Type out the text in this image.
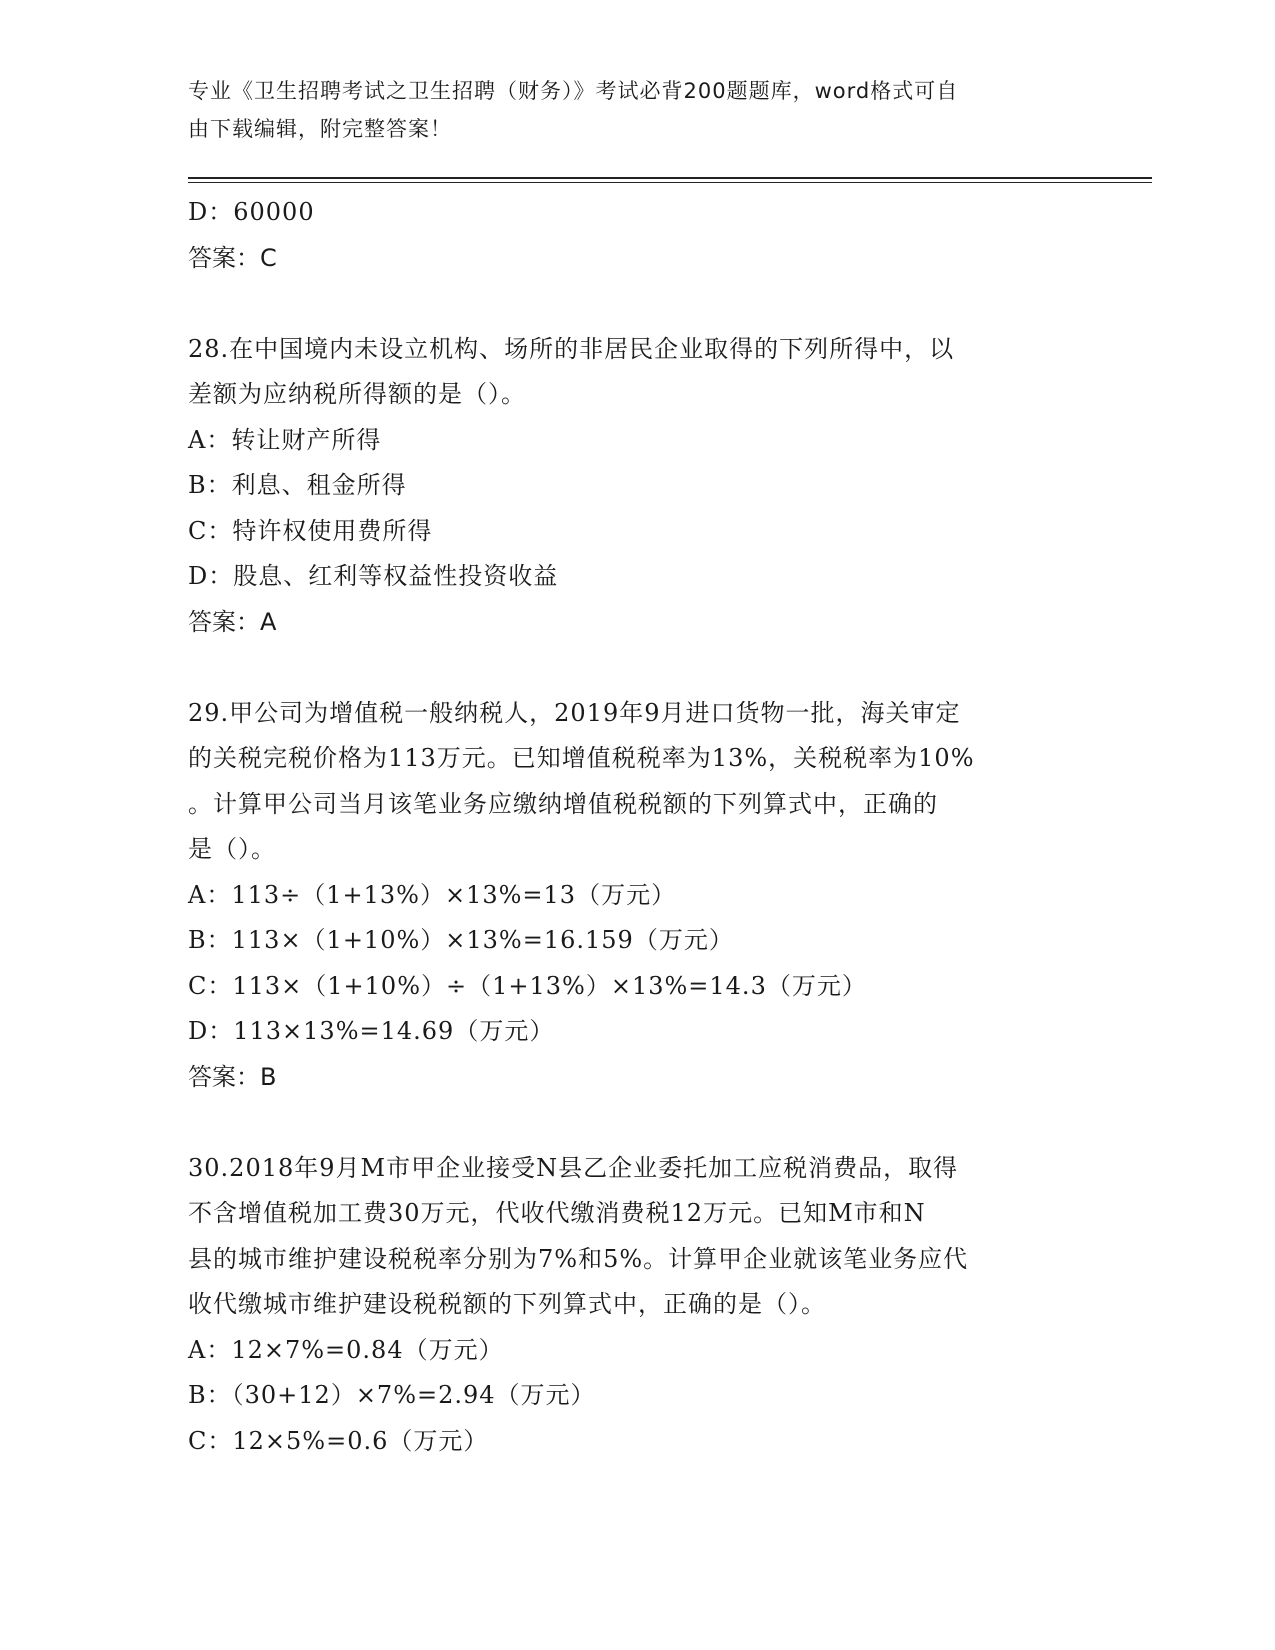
专业《卫生招聘考试之卫生招聘（财务）》考试必背200题题库，word格式可自
由下载编辑，附完整答案！
D：60000
答案：C
28.在中国境内未设立机构、场所的非居民企业取得的下列所得中，以
差额为应纳税所得额的是（）。
A：转让财产所得
B：利息、租金所得
C：特许权使用费所得
D：股息、红利等权益性投资收益
答案：A
29.甲公司为增值税一般纳税人，2019年9月进口货物一批，海关审定
的关税完税价格为113万元。已知增值税税率为13%，关税税率为10%
。计算甲公司当月该笔业务应缴纳增值税税额的下列算式中，正确的
是（）。
A：113÷（1+13%）×13%=13（万元）
B：113×（1+10%）×13%=16.159（万元）
C：113×（1+10%）÷（1+13%）×13%=14.3（万元）
D：113×13%=14.69（万元）
答案：B
30.2018年9月M市甲企业接受N县乙企业委托加工应税消费品，取得
不含增值税加工费30万元，代收代缴消费税12万元。已知M市和N
县的城市维护建设税税率分别为7%和5%。计算甲企业就该笔业务应代
收代缴城市维护建设税税额的下列算式中，正确的是（）。
A：12×7%=0.84（万元）
B：（30+12）×7%=2.94（万元）
C：12×5%=0.6（万元）
